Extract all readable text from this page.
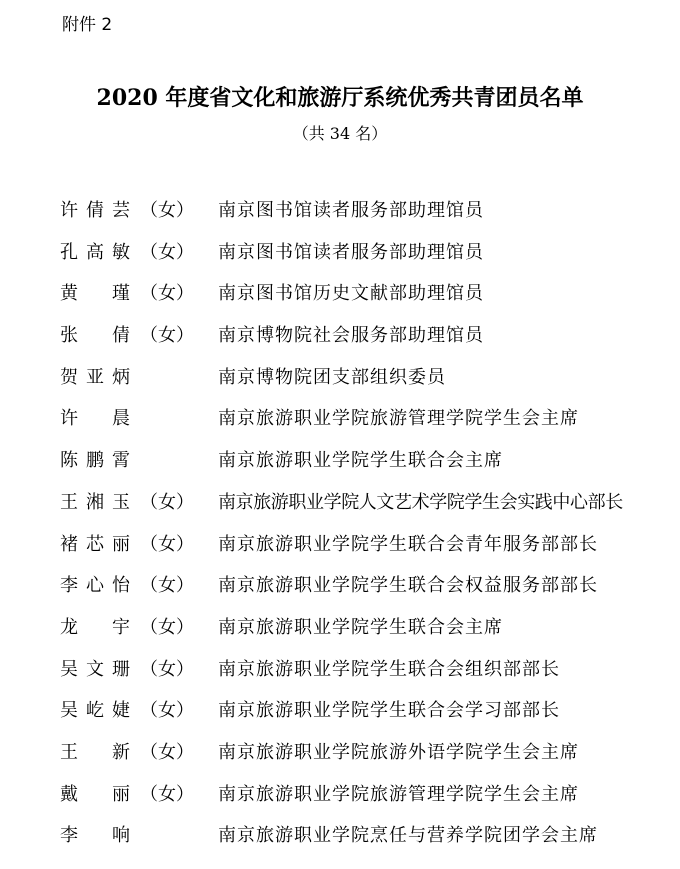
附件 2
2020 年度省文化和旅游厅系统优秀共青团员名单
（共 34 名）
许倩芸 （女） 南京图书馆读者服务部助理馆员
孔高敏 （女） 南京图书馆读者服务部助理馆员
黄瑾 （女） 南京图书馆历史文献部助理馆员
张倩 （女） 南京博物院社会服务部助理馆员
贺亚炳	南京博物院团支部组织委员
许晨	南京旅游职业学院旅游管理学院学生会主席
陈鹏霄	南京旅游职业学院学生联合会主席
王湘玉 （女） 南京旅游职业学院人文艺术学院学生会实践中心部长
褚芯丽 （女） 南京旅游职业学院学生联合会青年服务部部长
李心怡 （女） 南京旅游职业学院学生联合会权益服务部部长
龙宇 （女） 南京旅游职业学院学生联合会主席
吴文珊 （女） 南京旅游职业学院学生联合会组织部部长
吴屹婕 （女） 南京旅游职业学院学生联合会学习部部长
王新 （女） 南京旅游职业学院旅游外语学院学生会主席
戴丽 （女） 南京旅游职业学院旅游管理学院学生会主席
李响	南京旅游职业学院烹任与营养学院团学会主席
